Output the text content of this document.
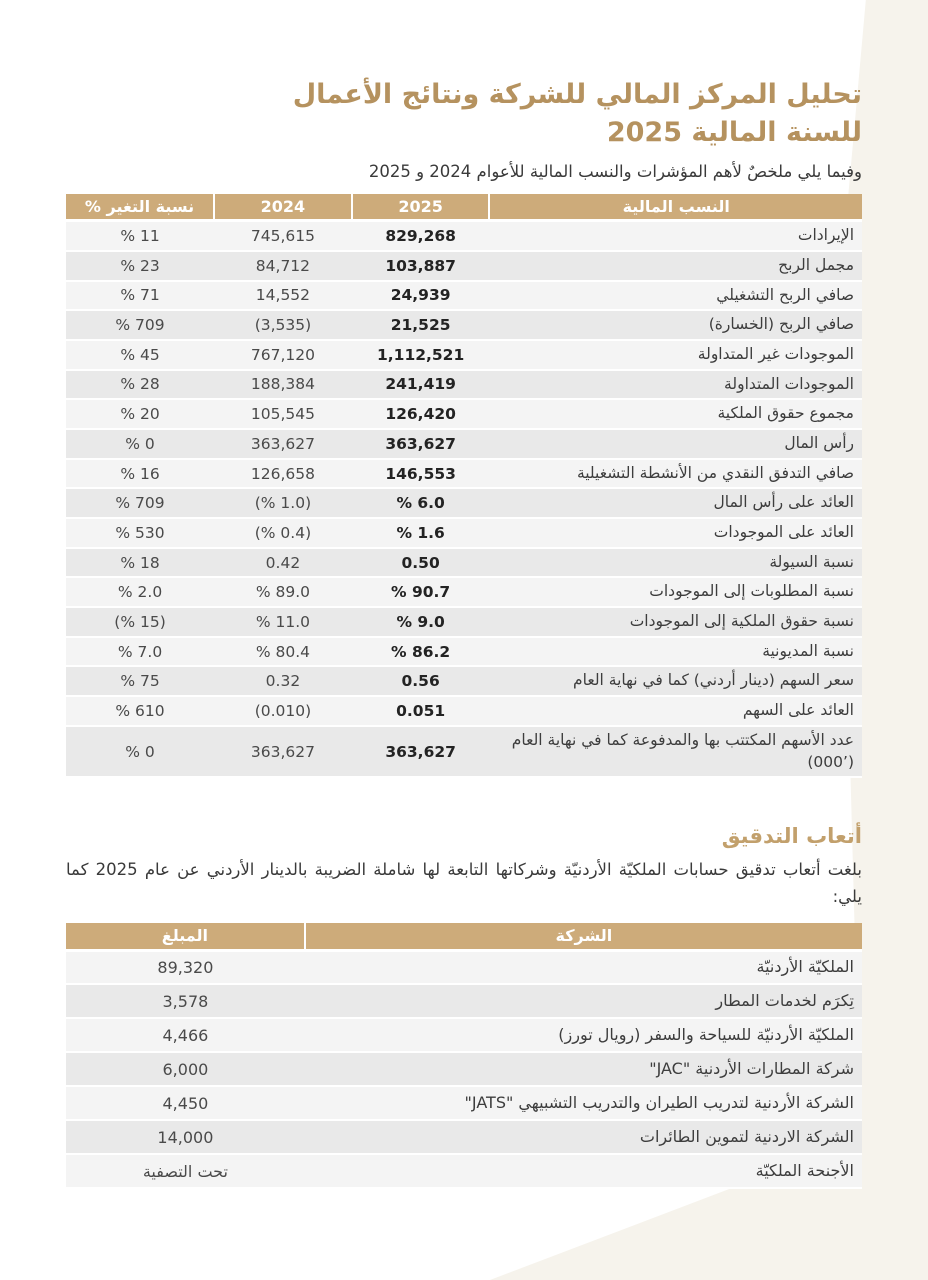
تحليل المركز المالي للشركة ونتائج الأعمال
للسنة المالية 2025

وفيما يلي ملخصٌ لأهم المؤشرات والنسب المالية للأعوام 2024 و 2025

النسب المالية	2025	2024	نسبة التغير %
الإيرادات	829,268	745,615	% 11
مجمل الربح	103,887	84,712	% 23
صافي الربح التشغيلي	24,939	14,552	% 71
صافي الربح (الخسارة)	21,525	(3,535)	% 709
الموجودات غير المتداولة	1,112,521	767,120	% 45
الموجودات المتداولة	241,419	188,384	% 28
مجموع حقوق الملكية	126,420	105,545	% 20
رأس المال	363,627	363,627	% 0
صافي التدفق النقدي من الأنشطة التشغيلية	146,553	126,658	% 16
العائد على رأس المال	% 6.0	(% 1.0)	% 709
العائد على الموجودات	% 1.6	(% 0.4)	% 530
نسبة السيولة	0.50	0.42	% 18
نسبة المطلوبات إلى الموجودات	% 90.7	% 89.0	% 2.0
نسبة حقوق الملكية إلى الموجودات	% 9.0	% 11.0	(% 15)
نسبة المديونية	% 86.2	% 80.4	% 7.0
سعر السهم (دينار أردني) كما في نهاية العام	0.56	0.32	% 75
العائد على السهم	0.051	(0.010)	% 610
عدد الأسهم المكتتب بها والمدفوعة كما في نهاية العام (’000)	363,627	363,627	% 0
أتعاب التدقيق

بلغت أتعاب تدقيق حسابات الملكيّة الأردنيّة وشركاتها التابعة لها شاملة الضريبة بالدينار الأردني عن عام 2025 كما يلي:

الشركة	المبلغ
الملكيّة الأردنيّة	89,320
تِكرَم لخدمات المطار	3,578
الملكيّة الأردنيّة للسياحة والسفر (رويال تورز)	4,466
شركة المطارات الأردنية "JAC"	6,000
الشركة الأردنية لتدريب الطيران والتدريب التشبيهي "JATS"	4,450
الشركة الاردنية لتموين الطائرات	14,000
الأجنحة الملكيّة	تحت التصفية
